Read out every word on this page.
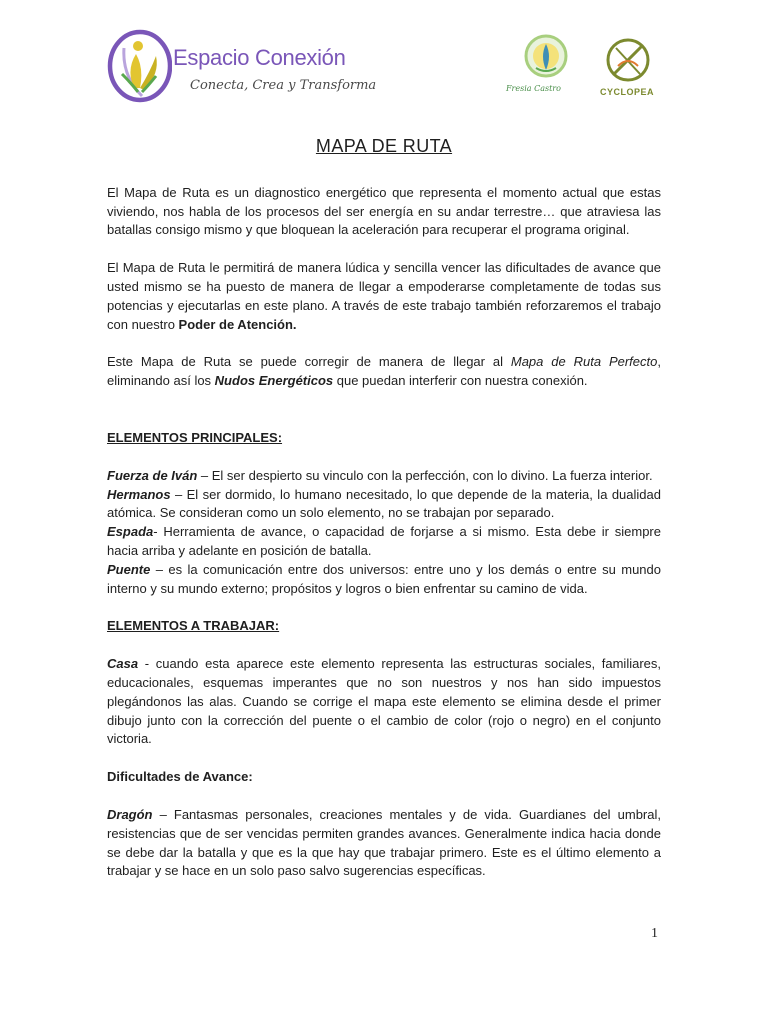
Espacio Conexión
Conecta, Crea y Transforma	Fresia Castro	CYCLOPEA
MAPA DE RUTA

El Mapa de Ruta es un diagnostico energético que representa el momento actual que estas viviendo, nos habla de los procesos del ser energía en su andar terrestre… que atraviesa las batallas consigo mismo y que bloquean la aceleración para recuperar el programa original.

El Mapa de Ruta le permitirá de manera lúdica y sencilla vencer las dificultades de avance que usted mismo se ha puesto de manera de llegar a empoderarse completamente de todas sus potencias y ejecutarlas en este plano. A través de este trabajo también reforzaremos el trabajo con nuestro Poder de Atención.

Este Mapa de Ruta se puede corregir de manera de llegar al Mapa de Ruta Perfecto, eliminando así los Nudos Energéticos que puedan interferir con nuestra conexión.

ELEMENTOS PRINCIPALES:

Fuerza de Iván – El ser despierto su vinculo con la perfección, con lo divino. La fuerza interior.

Hermanos – El ser dormido, lo humano necesitado, lo que depende de la materia, la dualidad atómica. Se consideran como un solo elemento, no se trabajan por separado.

Espada- Herramienta de avance, o capacidad de forjarse a si mismo. Esta debe ir siempre hacia arriba y adelante en posición de batalla.

Puente – es la comunicación entre dos universos: entre uno y los demás o entre su mundo interno y su mundo externo; propósitos y logros o bien enfrentar su camino de vida.

ELEMENTOS A TRABAJAR:

Casa - cuando esta aparece este elemento representa las estructuras sociales, familiares, educacionales, esquemas imperantes que no son nuestros y nos han sido impuestos plegándonos las alas. Cuando se corrige el mapa este elemento se elimina desde el primer dibujo junto con la corrección del puente o el cambio de color (rojo o negro) en el conjunto victoria.

Dificultades de Avance:

Dragón – Fantasmas personales, creaciones mentales y de vida. Guardianes del umbral, resistencias que de ser vencidas permiten grandes avances. Generalmente indica hacia donde se debe dar la batalla y que es la que hay que trabajar primero. Este es el último elemento a trabajar y se hace en un solo paso salvo sugerencias específicas.

1
